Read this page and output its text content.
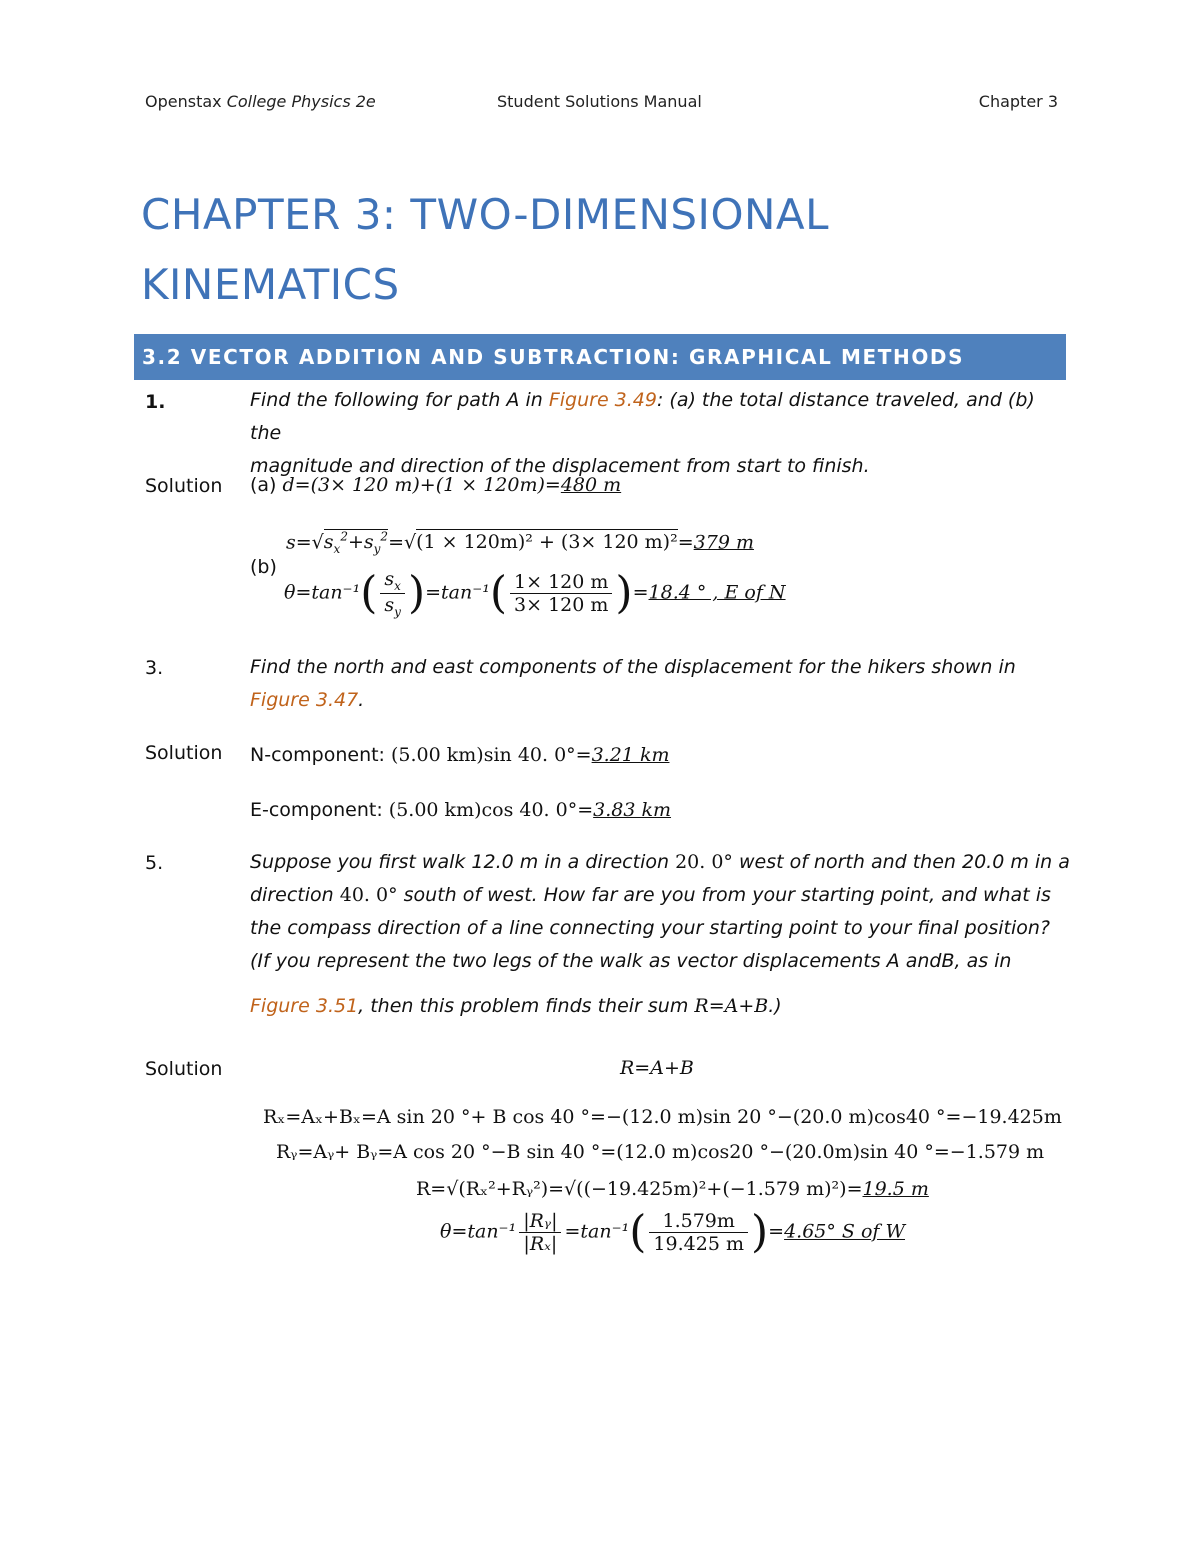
Openstax College Physics 2e	Student Solutions Manual	Chapter 3
CHAPTER 3: TWO-DIMENSIONAL
KINEMATICS
3.2 VECTOR ADDITION AND SUBTRACTION: GRAPHICAL METHODS
1.	Find the following for path A in Figure 3.49: (a) the total distance traveled, and (b) the
magnitude and direction of the displacement from start to finish.
Solution (a) d=(3× 120 m)+(1 × 120m)=480 m
(b)
$s=√s_x^2+s_y^2=√(1 \times 120m)^2 + (3\times 120$ m)²=379 m
$\theta=\tan^{-1}( \frac{s_x}{s_y} )=\tan^{-1}( \frac{1\times 120 m}{3\times 120 m} )=18.4$ ° , E of N
3.	Find the north and east components of the displacement for the hikers shown in
Figure 3.47.
Solution N-component: (5.00 km)sin 40. 0°=3.21 km
E-component: (5.00 km)cos 40. 0°=3.83 km
5.	Suppose you first walk 12.0 m in a direction 20. 0° west of north and then 20.0 m in a
direction 40. 0° south of west. How far are you from your starting point, and what is
the compass direction of a line connecting your starting point to your final position?
(If you represent the two legs of the walk as vector displacements A andB, as in
Figure 3.51, then this problem finds their sum R=A+B.)
Solution	R=A+B
Rₓ=Aₓ+Bₓ=A sin 20 °+ B cos 40 °=−(12.0 m)sin 20 °−(20.0 m)cos40 °=−19.425m
Rᵧ=Aᵧ+ Bᵧ=A cos 20 °−B sin 40 °=(12.0 m)cos20 °−(20.0m)sin 40 °=−1.579 m
R=√(Rₓ²+Rᵧ²)=√((−19.425m)²+(−1.579 m)²)=19.5 m
$\theta=\tan^{-1} \frac{\text{|Rᵧ|}}{\text{|Rₓ|}} =\tan^{-1}( \frac{1.579m}{19.425 m} )=4.65^\circ$ S of W
